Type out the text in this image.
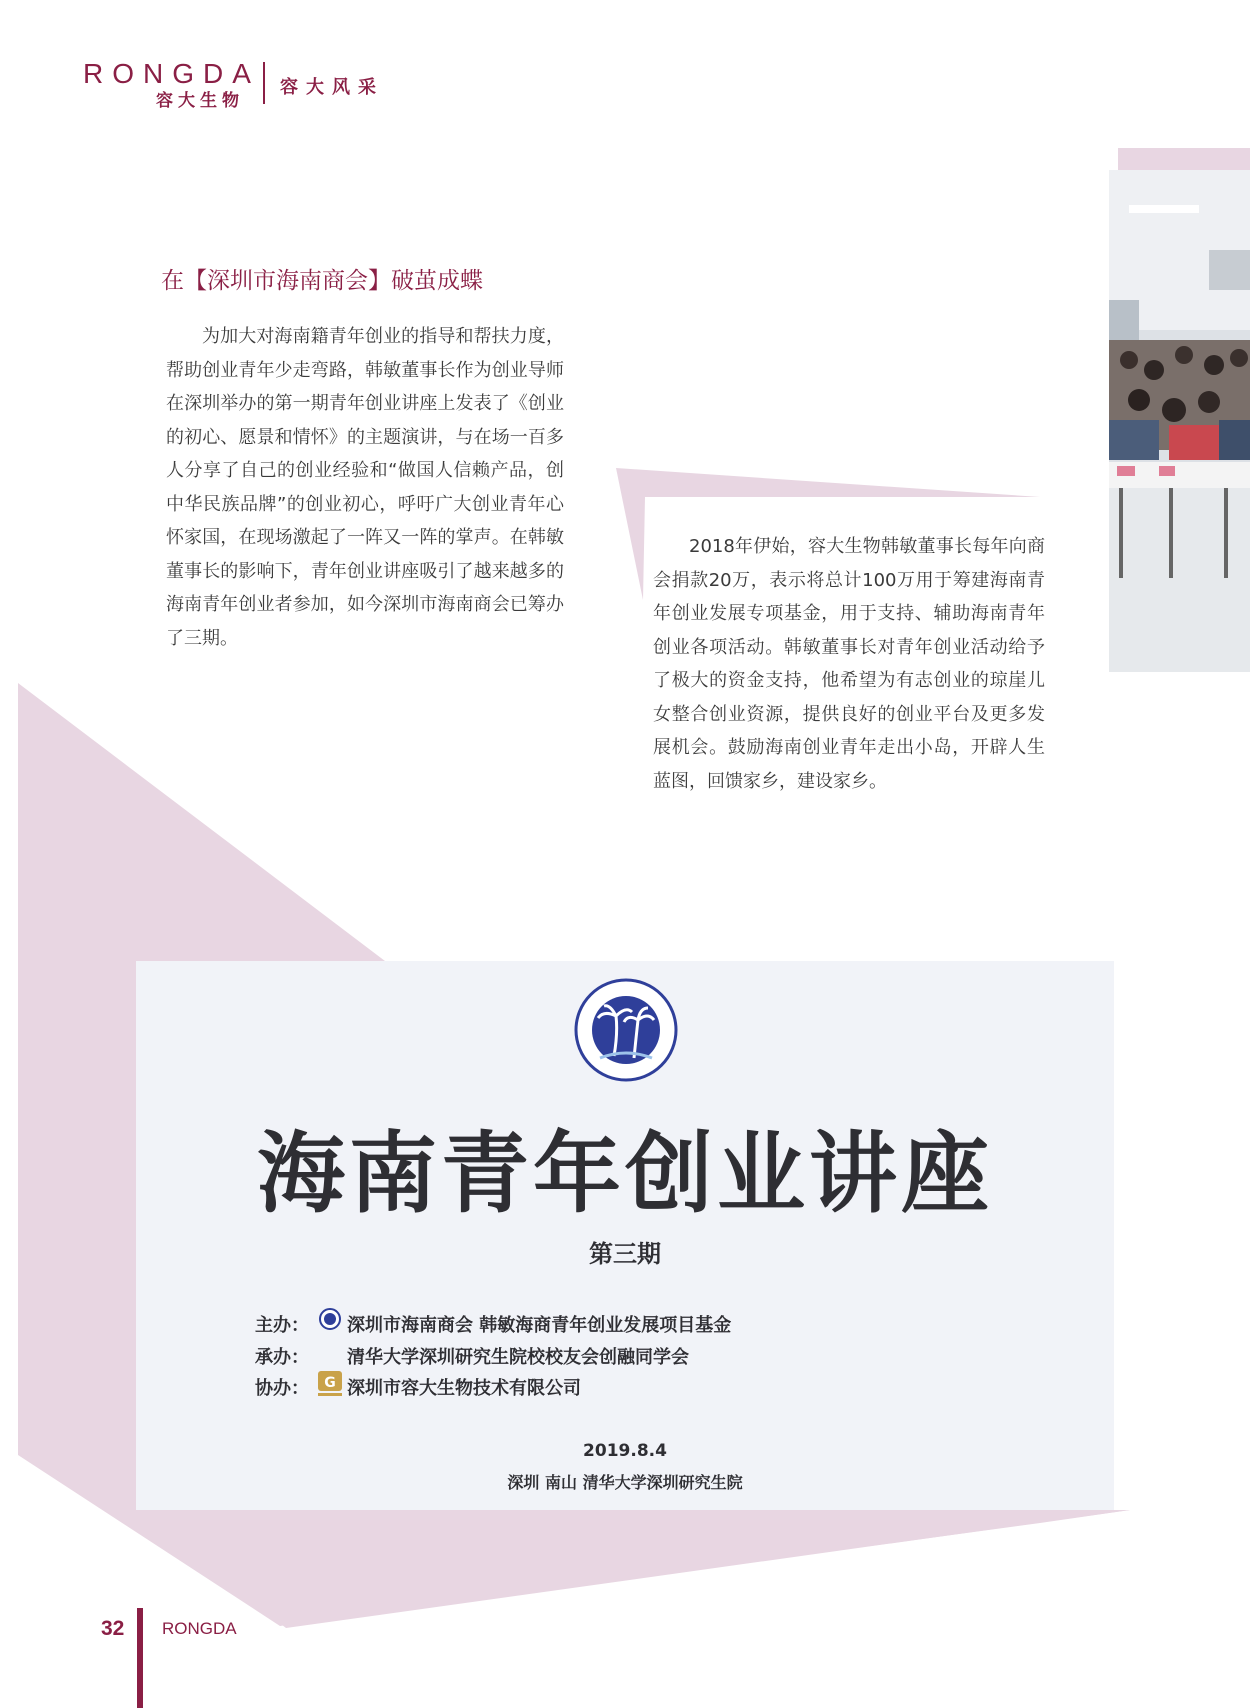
RONGDA
容大生物
容大风采
在【深圳市海南商会】破茧成蝶
为加大对海南籍青年创业的指导和帮扶力度，帮助创业青年少走弯路，韩敏董事长作为创业导师在深圳举办的第一期青年创业讲座上发表了《创业的初心、愿景和情怀》的主题演讲，与在场一百多人分享了自己的创业经验和“做国人信赖产品，创中华民族品牌”的创业初心，呼吁广大创业青年心怀家国，在现场激起了一阵又一阵的掌声。在韩敏董事长的影响下，青年创业讲座吸引了越来越多的海南青年创业者参加，如今深圳市海南商会已筹办了三期。
2018年伊始，容大生物韩敏董事长每年向商会捐款20万，表示将总计100万用于筹建海南青年创业发展专项基金，用于支持、辅助海南青年创业各项活动。韩敏董事长对青年创业活动给予了极大的资金支持，他希望为有志创业的琼崖儿女整合创业资源，提供良好的创业平台及更多发展机会。鼓励海南创业青年走出小岛，开辟人生蓝图，回馈家乡，建设家乡。
海南青年创业讲座
第三期
主办： 深圳市海南商会 韩敏海商青年创业发展项目基金
承办： 清华大学深圳研究生院校校友会创融同学会
协办： G 深圳市容大生物技术有限公司
2019.8.4
深圳 南山 清华大学深圳研究生院
32 RONGDA
